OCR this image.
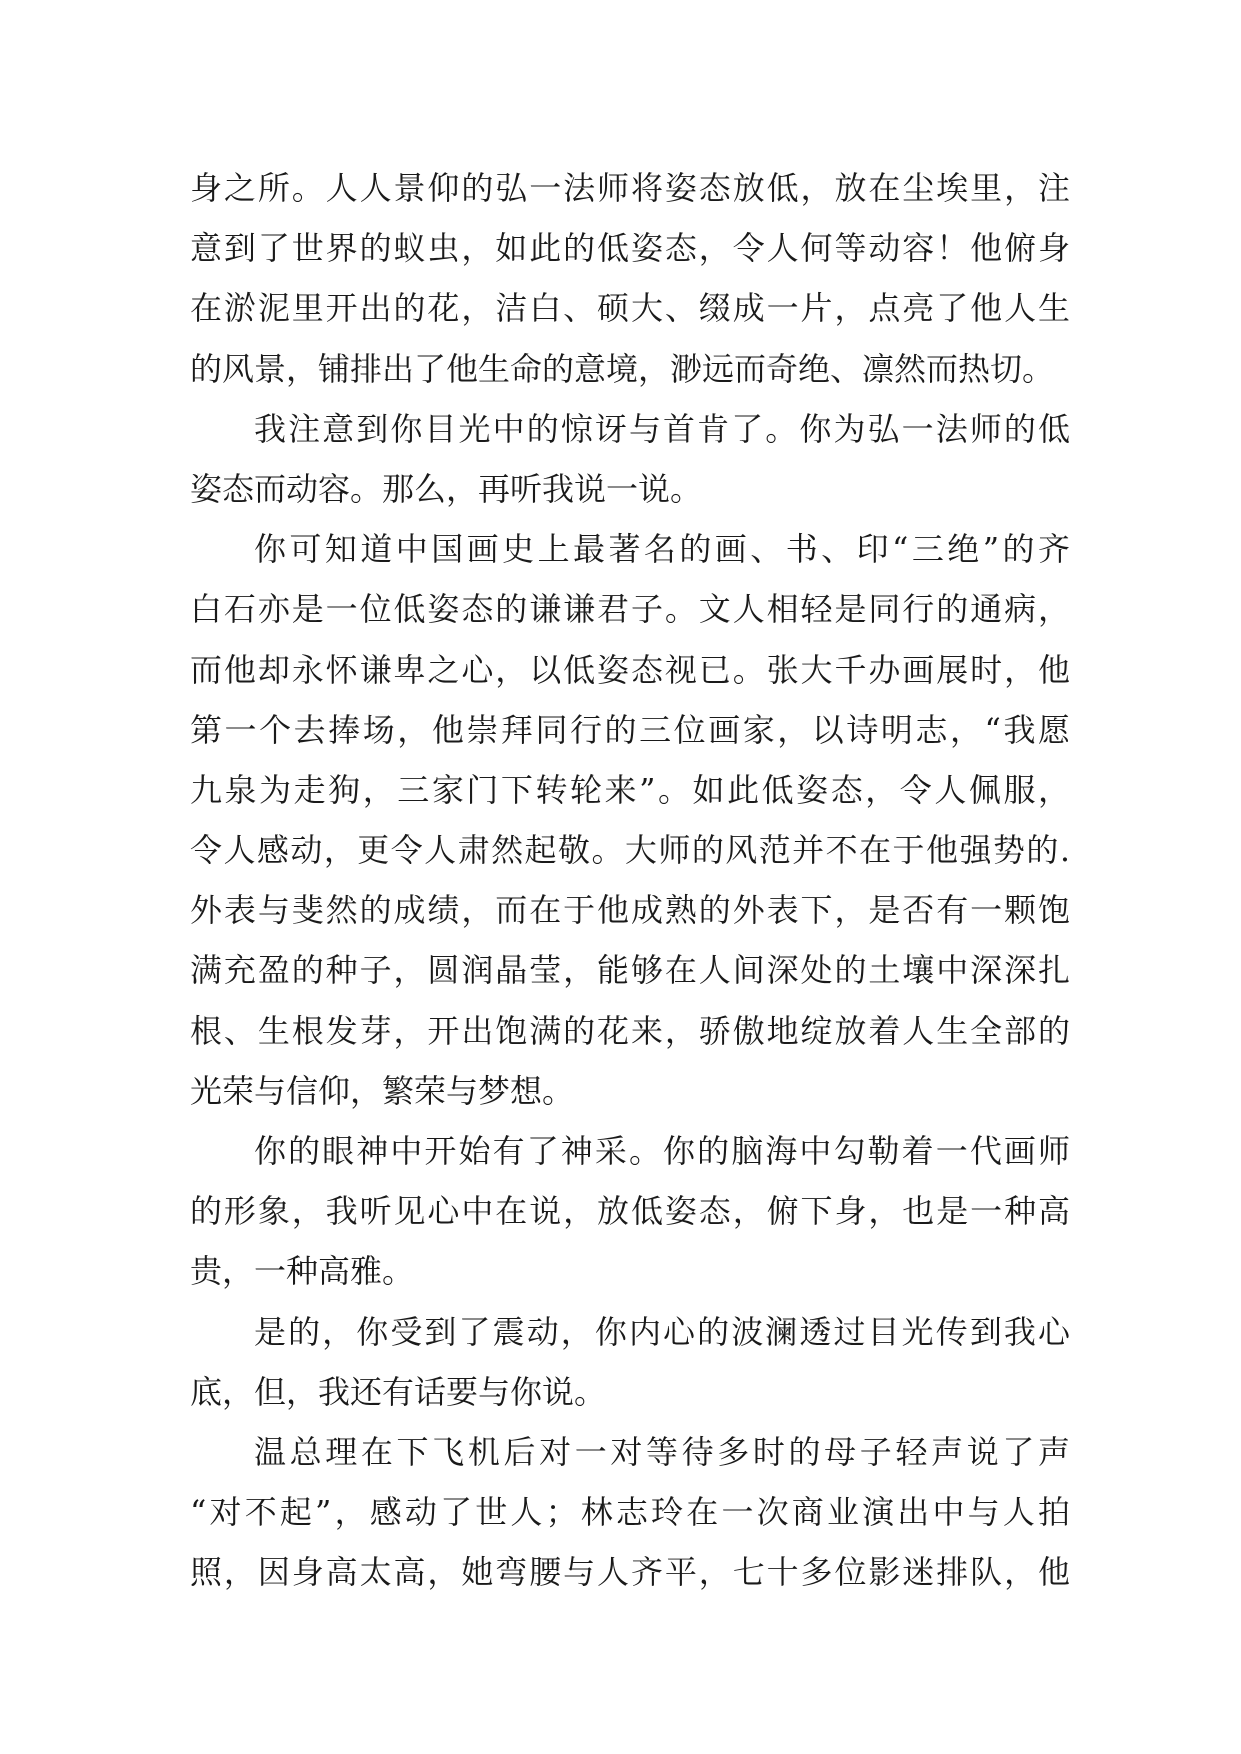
身之所。人人景仰的弘一法师将姿态放低，放在尘埃里，注
意到了世界的蚁虫，如此的低姿态，令人何等动容！他俯身
在淤泥里开出的花，洁白、硕大、缀成一片，点亮了他人生
的风景，铺排出了他生命的意境，渺远而奇绝、凛然而热切。
我注意到你目光中的惊讶与首肯了。你为弘一法师的低
姿态而动容。那么，再听我说一说。
你可知道中国画史上最著名的画、书、印“三绝”的齐
白石亦是一位低姿态的谦谦君子。文人相轻是同行的通病，
而他却永怀谦卑之心，以低姿态视已。张大千办画展时，他
第一个去捧场，他崇拜同行的三位画家，以诗明志，“我愿
九泉为走狗，三家门下转轮来”。如此低姿态，令人佩服，
令人感动，更令人肃然起敬。大师的风范并不在于他强势的.
外表与斐然的成绩，而在于他成熟的外表下，是否有一颗饱
满充盈的种子，圆润晶莹，能够在人间深处的土壤中深深扎
根、生根发芽，开出饱满的花来，骄傲地绽放着人生全部的
光荣与信仰，繁荣与梦想。
你的眼神中开始有了神采。你的脑海中勾勒着一代画师
的形象，我听见心中在说，放低姿态，俯下身，也是一种高
贵，一种高雅。
是的，你受到了震动，你内心的波澜透过目光传到我心
底，但，我还有话要与你说。
温总理在下飞机后对一对等待多时的母子轻声说了声
“对不起”，感动了世人；林志玲在一次商业演出中与人拍
照，因身高太高，她弯腰与人齐平，七十多位影迷排队，他
